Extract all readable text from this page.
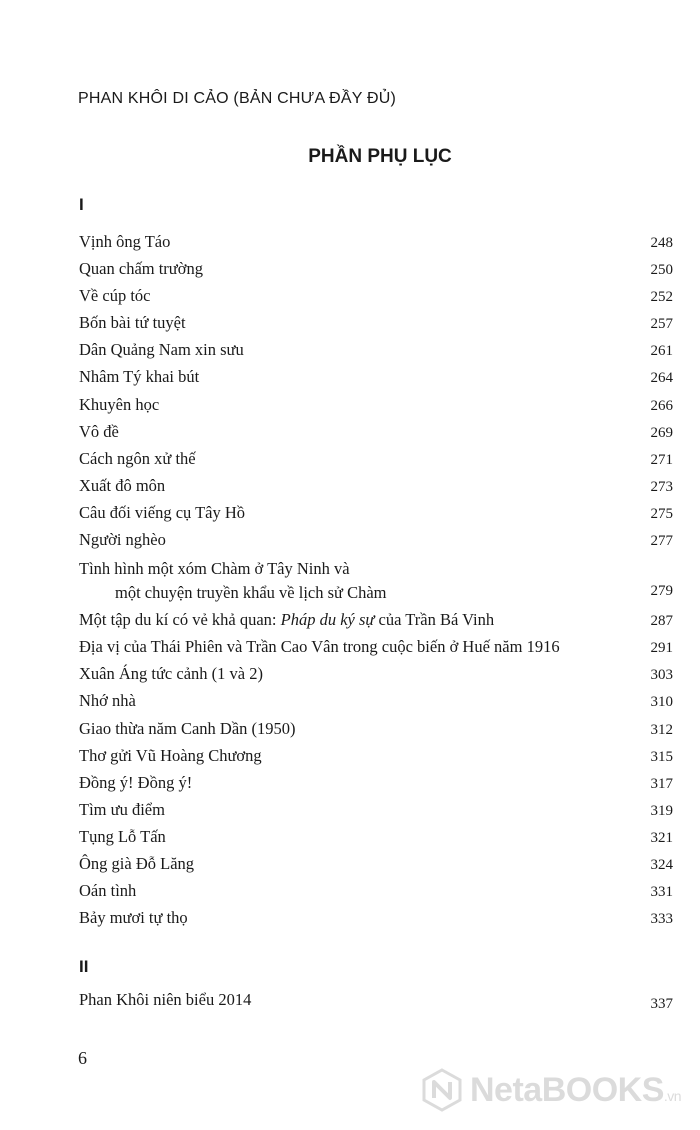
PHAN KHÔI DI CẢO (BẢN CHƯA ĐẦY ĐỦ)
PHẦN PHỤ LỤC
I
Vịnh ông Táo	248
Quan chấm trường	250
Về cúp tóc	252
Bốn bài tứ tuyệt	257
Dân Quảng Nam xin sưu	261
Nhâm Tý khai bút	264
Khuyên học	266
Vô đề	269
Cách ngôn xử thế	271
Xuất đô môn	273
Câu đối viếng cụ Tây Hồ	275
Người nghèo	277
Tình hình một xóm Chàm ở Tây Ninh và
một chuyện truyền khẩu về lịch sử Chàm	279
Một tập du kí có vẻ khả quan: Pháp du ký sự của Trần Bá Vinh	287
Địa vị của Thái Phiên và Trần Cao Vân trong cuộc biến ở Huế năm 1916	291
Xuân Áng tức cảnh (1 và 2)	303
Nhớ nhà	310
Giao thừa năm Canh Dần (1950)	312
Thơ gửi Vũ Hoàng Chương	315
Đồng ý! Đồng ý!	317
Tìm ưu điểm	319
Tụng Lỗ Tấn	321
Ông già Đỗ Lăng	324
Oán tình	331
Bảy mươi tự thọ	333
II
Phan Khôi niên biểu 2014	337
6
NetaBOOKS.vn
